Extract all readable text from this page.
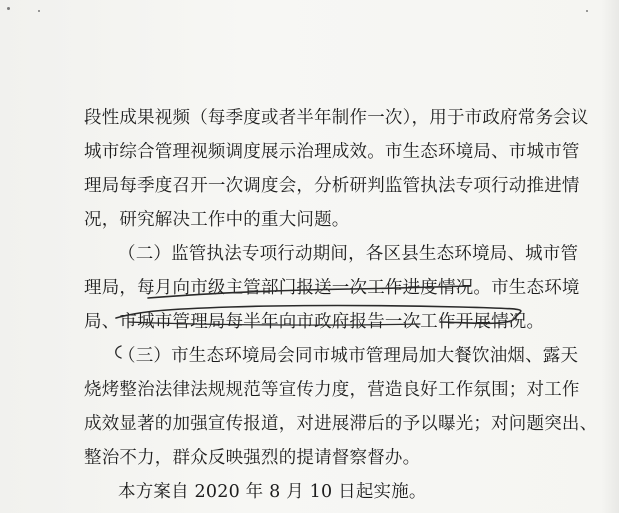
段性成果视频（每季度或者半年制作一次），用于市政府常务会议
城市综合管理视频调度展示治理成效。市生态环境局、市城市管
理局每季度召开一次调度会，分析研判监管执法专项行动推进情
况，研究解决工作中的重大问题。
（二）监管执法专项行动期间，各区县生态环境局、城市管
理局，每月向市级主管部门报送一次工作进度情况。市生态环境
局、市城市管理局每半年向市政府报告一次工作开展情况。
（三）市生态环境局会同市城市管理局加大餐饮油烟、露天
烧烤整治法律法规规范等宣传力度，营造良好工作氛围；对工作
成效显著的加强宣传报道，对进展滞后的予以曝光；对问题突出、
整治不力，群众反映强烈的提请督察督办。
本方案自 2020 年 8 月 10 日起实施。
